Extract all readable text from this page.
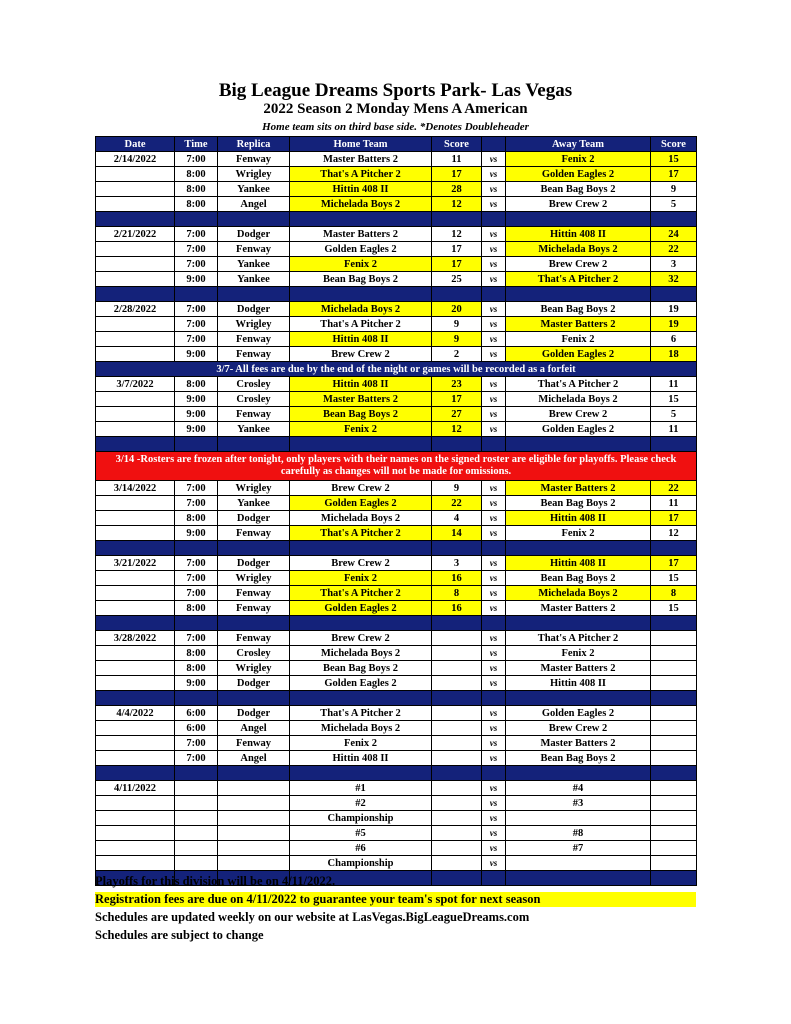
Big League Dreams Sports Park- Las Vegas
2022 Season 2 Monday Mens A American
Home team sits on third base side. *Denotes Doubleheader
Date	Time	Replica	Home Team	Score		Away Team	Score
2/14/2022	7:00	Fenway	Master Batters 2	11	vs	Fenix 2	15
	8:00	Wrigley	That's A Pitcher 2	17	vs	Golden Eagles 2	17
	8:00	Yankee	Hittin 408 II	28	vs	Bean Bag Boys 2	9
	8:00	Angel	Michelada Boys 2	12	vs	Brew Crew 2	5

2/21/2022	7:00	Dodger	Master Batters 2	12	vs	Hittin 408 II	24
	7:00	Fenway	Golden Eagles 2	17	vs	Michelada Boys 2	22
	7:00	Yankee	Fenix 2	17	vs	Brew Crew 2	3
	9:00	Yankee	Bean Bag Boys 2	25	vs	That's A Pitcher 2	32

2/28/2022	7:00	Dodger	Michelada Boys 2	20	vs	Bean Bag Boys 2	19
	7:00	Wrigley	That's A Pitcher 2	9	vs	Master Batters 2	19
	7:00	Fenway	Hittin 408 II	9	vs	Fenix 2	6
	9:00	Fenway	Brew Crew 2	2	vs	Golden Eagles 2	18
3/7- All fees are due by the end of the night or games will be recorded as a forfeit							
3/7/2022	8:00	Crosley	Hittin 408 II	23	vs	That's A Pitcher 2	11
	9:00	Crosley	Master Batters 2	17	vs	Michelada Boys 2	15
	9:00	Fenway	Bean Bag Boys 2	27	vs	Brew Crew 2	5
	9:00	Yankee	Fenix 2	12	vs	Golden Eagles 2	11

3/14 -Rosters are frozen after tonight, only players with their names on the signed roster are eligible for playoffs. Please check carefully as changes will not be made for omissions.							
3/14/2022	7:00	Wrigley	Brew Crew 2	9	vs	Master Batters 2	22
	7:00	Yankee	Golden Eagles 2	22	vs	Bean Bag Boys 2	11
	8:00	Dodger	Michelada Boys 2	4	vs	Hittin 408 II	17
	9:00	Fenway	That's A Pitcher 2	14	vs	Fenix 2	12

3/21/2022	7:00	Dodger	Brew Crew 2	3	vs	Hittin 408 II	17
	7:00	Wrigley	Fenix 2	16	vs	Bean Bag Boys 2	15
	7:00	Fenway	That's A Pitcher 2	8	vs	Michelada Boys 2	8
	8:00	Fenway	Golden Eagles 2	16	vs	Master Batters 2	15

3/28/2022	7:00	Fenway	Brew Crew 2		vs	That's A Pitcher 2	
	8:00	Crosley	Michelada Boys 2		vs	Fenix 2	
	8:00	Wrigley	Bean Bag Boys 2		vs	Master Batters 2	
	9:00	Dodger	Golden Eagles 2		vs	Hittin 408 II	

4/4/2022	6:00	Dodger	That's A Pitcher 2		vs	Golden Eagles 2	
	6:00	Angel	Michelada Boys 2		vs	Brew Crew 2	
	7:00	Fenway	Fenix 2		vs	Master Batters 2	
	7:00	Angel	Hittin 408 II		vs	Bean Bag Boys 2	

4/11/2022			#1		vs	#4	
			#2		vs	#3	
			Championship		vs		
			#5		vs	#8	
			#6		vs	#7	
			Championship		vs		

Playoffs for this division will be on 4/11/2022.
Registration fees are due on 4/11/2022 to guarantee your team's spot for next season
Schedules are updated weekly on our website at LasVegas.BigLeagueDreams.com
Schedules are subject to change
